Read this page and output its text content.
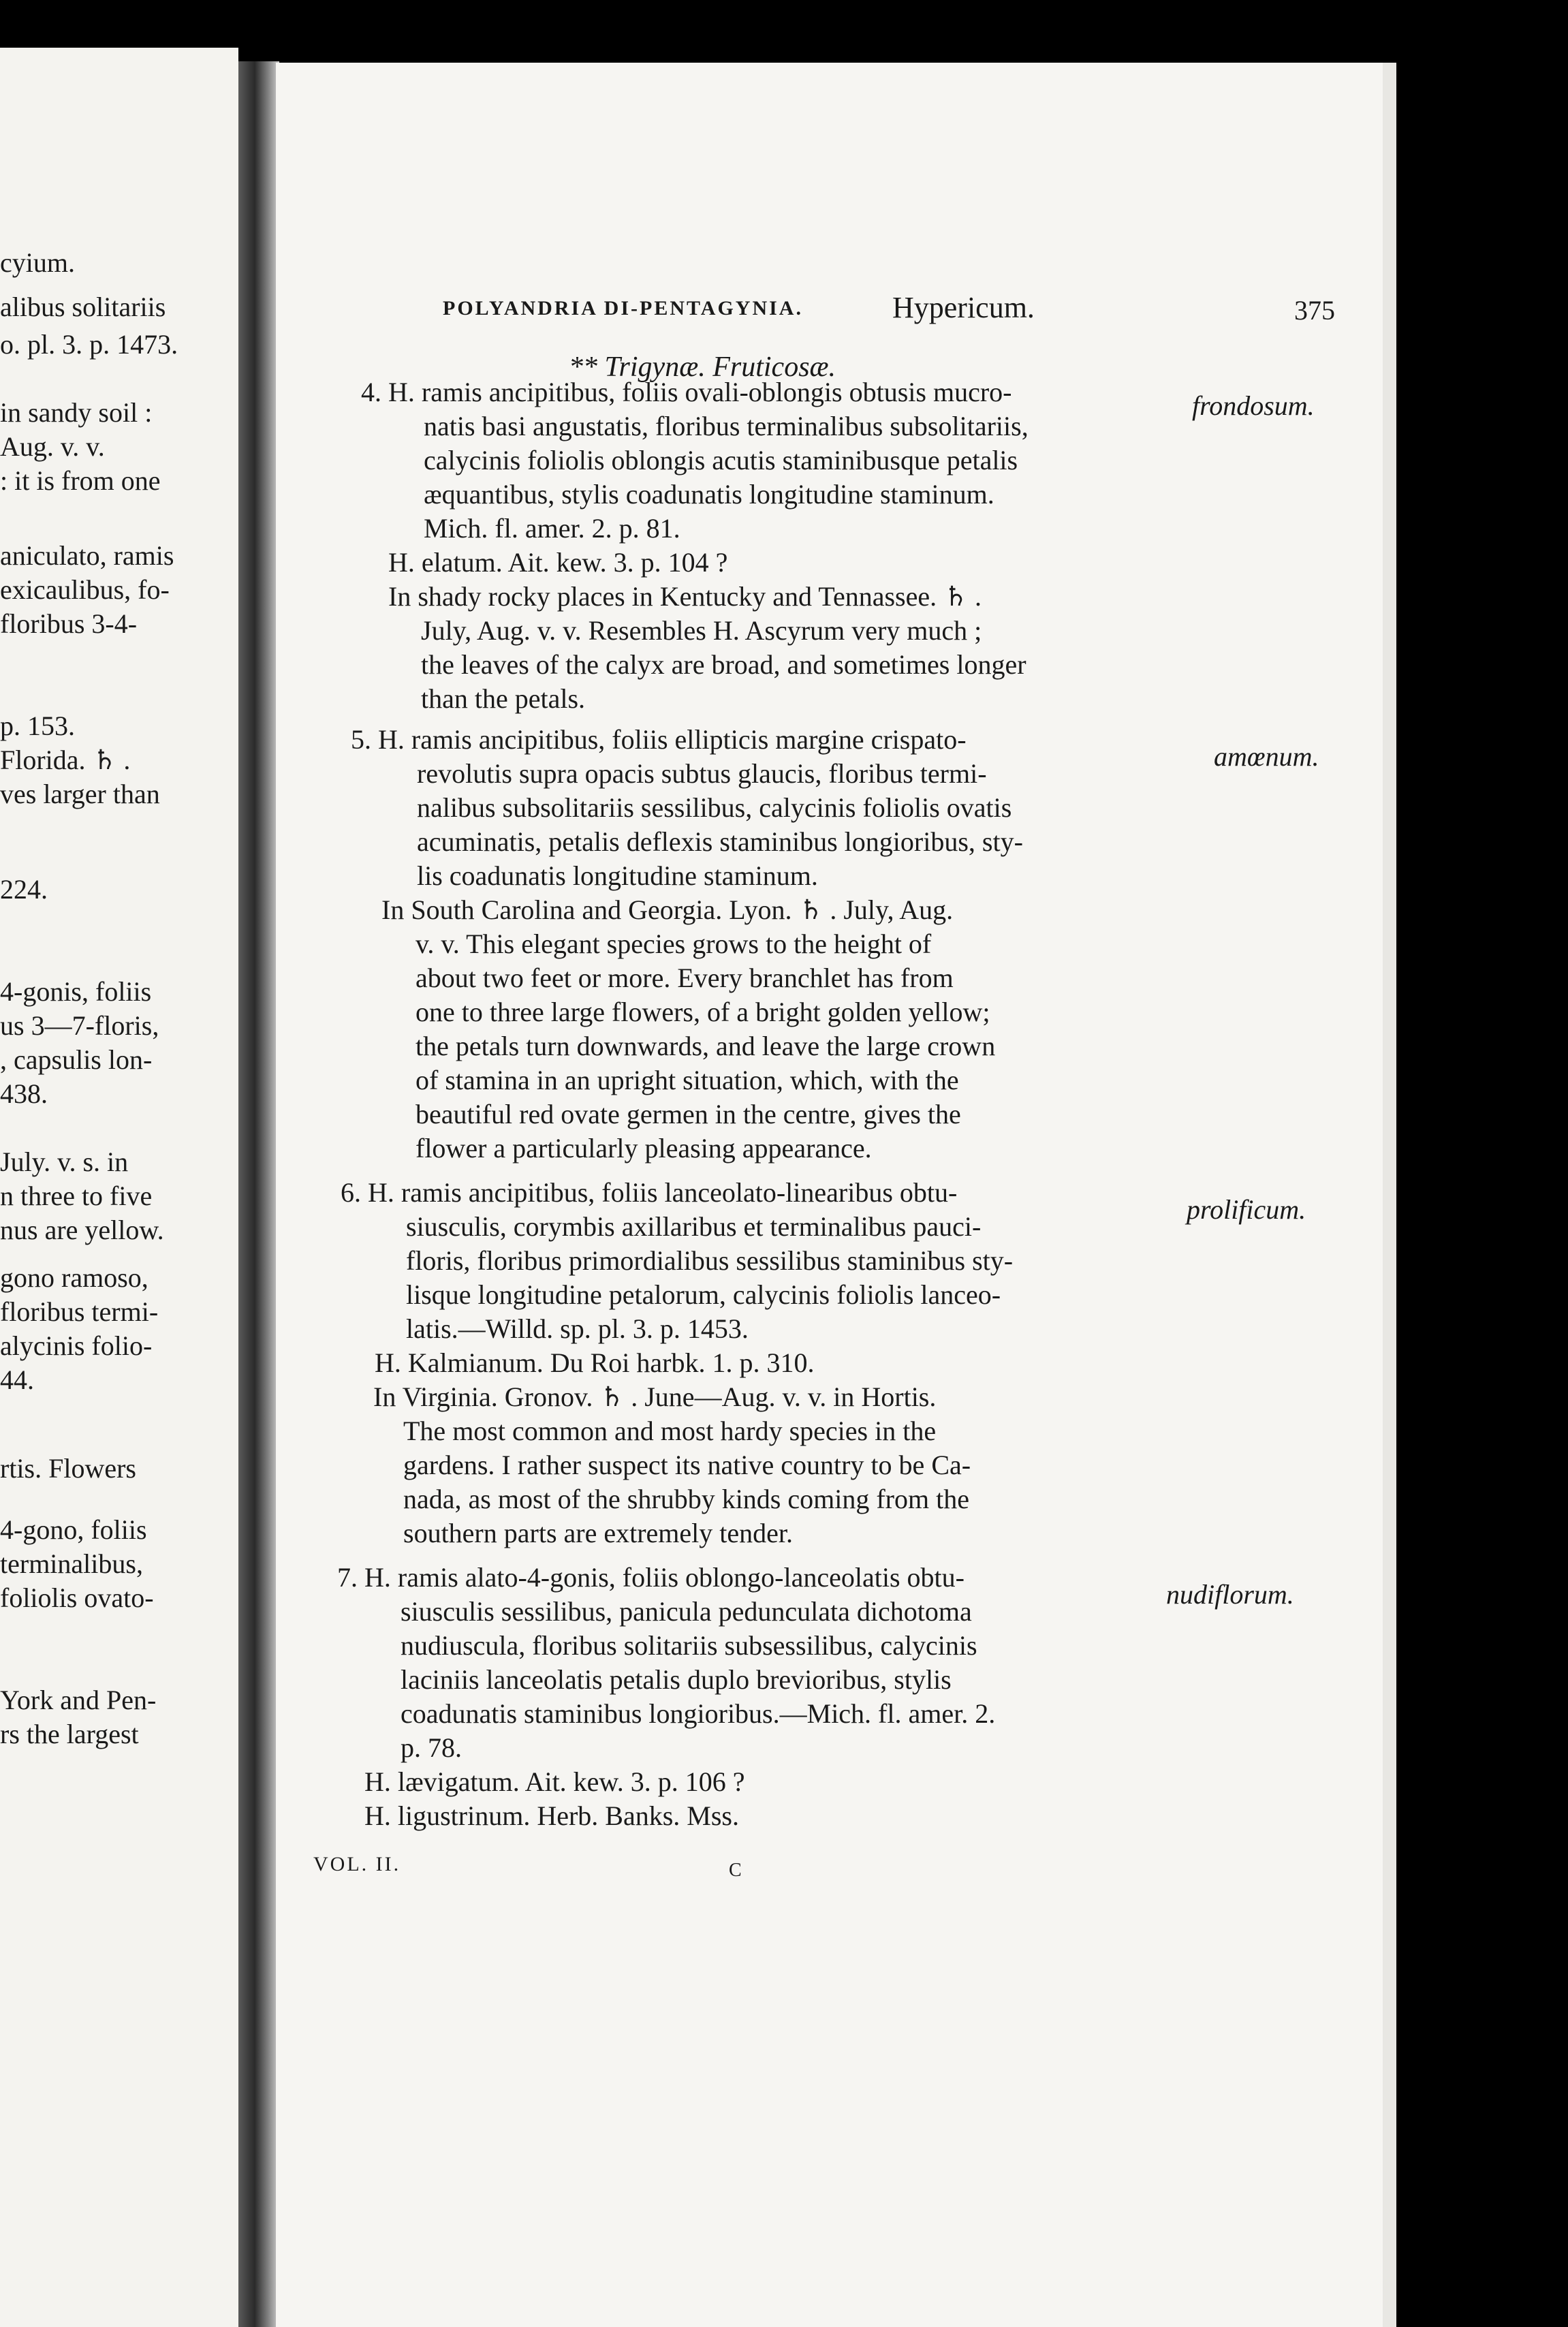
cyium.
alibus solitariis
o. pl. 3. p. 1473.
in sandy soil :
Aug. v. v.
: it is from one
aniculato, ramis
exicaulibus, fo-
floribus 3-4-
p. 153.
Florida. ♄ .
ves larger than
224.
4-gonis, foliis
us 3—7-floris,
, capsulis lon-
438.
July. v. s. in
n three to five
nus are yellow.
gono ramoso,
floribus termi-
alycinis folio-
44.
rtis. Flowers
4-gono, foliis
terminalibus,
foliolis ovato-
York and Pen-
rs the largest
POLYANDRIA DI-PENTAGYNIA.	Hypericum.	375
** Trigynæ. Fruticosæ.
4. H. ramis ancipitibus, foliis ovali-oblongis obtusis mucro-
natis basi angustatis, floribus terminalibus subsolitariis,
calycinis foliolis oblongis acutis staminibusque petalis
æquantibus, stylis coadunatis longitudine staminum.
Mich. fl. amer. 2. p. 81.
H. elatum. Ait. kew. 3. p. 104 ?
In shady rocky places in Kentucky and Tennassee. ♄ .
July, Aug. v. v. Resembles H. Ascyrum very much ;
the leaves of the calyx are broad, and sometimes longer
than the petals.
frondosum.
5. H. ramis ancipitibus, foliis ellipticis margine crispato-
revolutis supra opacis subtus glaucis, floribus termi-
nalibus subsolitariis sessilibus, calycinis foliolis ovatis
acuminatis, petalis deflexis staminibus longioribus, sty-
lis coadunatis longitudine staminum.
In South Carolina and Georgia. Lyon. ♄ . July, Aug.
v. v. This elegant species grows to the height of
about two feet or more. Every branchlet has from
one to three large flowers, of a bright golden yellow;
the petals turn downwards, and leave the large crown
of stamina in an upright situation, which, with the
beautiful red ovate germen in the centre, gives the
flower a particularly pleasing appearance.
amœnum.
6. H. ramis ancipitibus, foliis lanceolato-linearibus obtu-
siusculis, corymbis axillaribus et terminalibus pauci-
floris, floribus primordialibus sessilibus staminibus sty-
lisque longitudine petalorum, calycinis foliolis lanceo-
latis.—Willd. sp. pl. 3. p. 1453.
H. Kalmianum. Du Roi harbk. 1. p. 310.
In Virginia. Gronov. ♄ . June—Aug. v. v. in Hortis.
The most common and most hardy species in the
gardens. I rather suspect its native country to be Ca-
nada, as most of the shrubby kinds coming from the
southern parts are extremely tender.
prolificum.
7. H. ramis alato-4-gonis, foliis oblongo-lanceolatis obtu-
siusculis sessilibus, panicula pedunculata dichotoma
nudiuscula, floribus solitariis subsessilibus, calycinis
laciniis lanceolatis petalis duplo brevioribus, stylis
coadunatis staminibus longioribus.—Mich. fl. amer. 2.
p. 78.
H. lævigatum. Ait. kew. 3. p. 106 ?
H. ligustrinum. Herb. Banks. Mss.
nudiflorum.
VOL. II.	C
